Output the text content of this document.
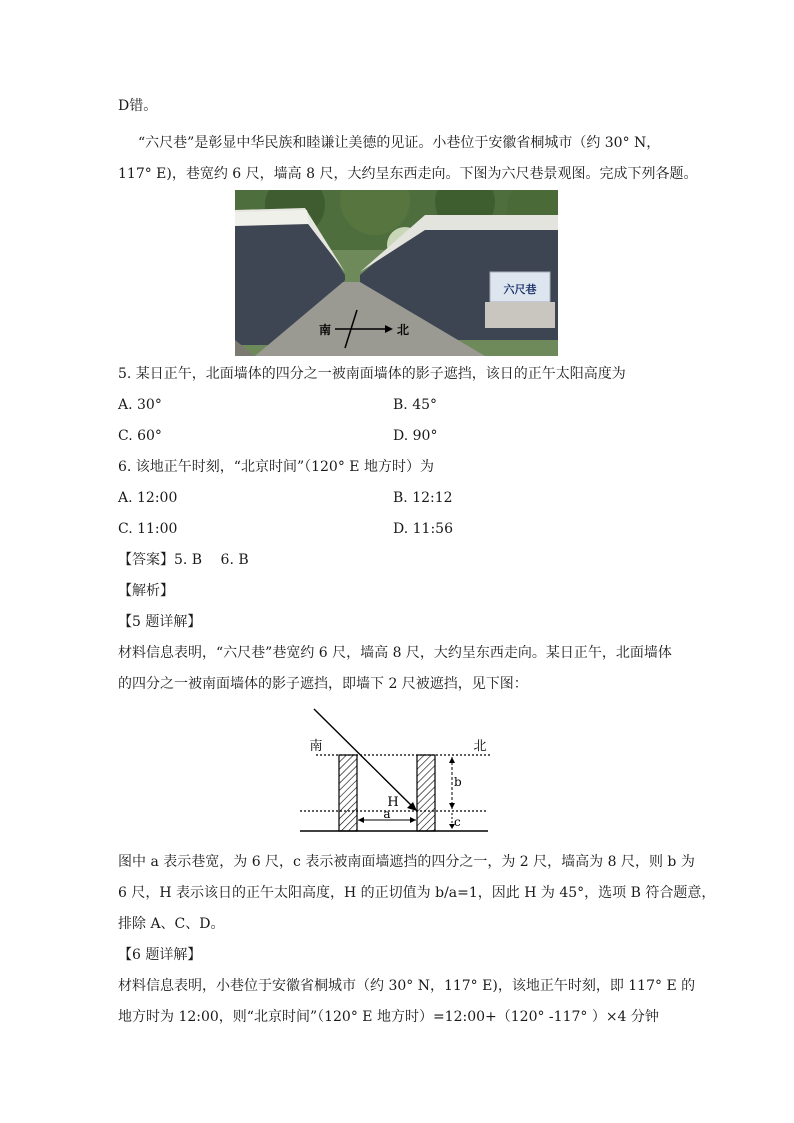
D错。
“六尺巷”是彰显中华民族和睦谦让美德的见证。小巷位于安徽省桐城市（约 30° N，
117° E)，巷宽约 6 尺，墙高 8 尺，大约呈东西走向。下图为六尺巷景观图。完成下列各题。
六尺巷
南	北
5. 某日正午，北面墙体的四分之一被南面墙体的影子遮挡，该日的正午太阳高度为
A. 30°	B. 45°
C. 60°	D. 90°
6. 该地正午时刻，“北京时间”（120° E 地方时）为
A. 12:00	B. 12:12
C. 11:00	D. 11:56
【答案】5. B　 6. B
【解析】
【5 题详解】
材料信息表明，“六尺巷”巷宽约 6 尺，墙高 8 尺，大约呈东西走向。某日正午，北面墙体
的四分之一被南面墙体的影子遮挡，即墙下 2 尺被遮挡，见下图：
南	北
H
a
b
c
图中 a 表示巷宽，为 6 尺，c 表示被南面墙遮挡的四分之一，为 2 尺，墙高为 8 尺，则 b 为
6 尺，H 表示该日的正午太阳高度，H 的正切值为 b/a=1，因此 H 为 45°，选项 B 符合题意，
排除 A、C、D。
【6 题详解】
材料信息表明，小巷位于安徽省桐城市（约 30° N，117° E)，该地正午时刻，即 117° E 的
地方时为 12:00，则“北京时间”（120° E 地方时）=12:00+（120° -117° ）×4 分钟
